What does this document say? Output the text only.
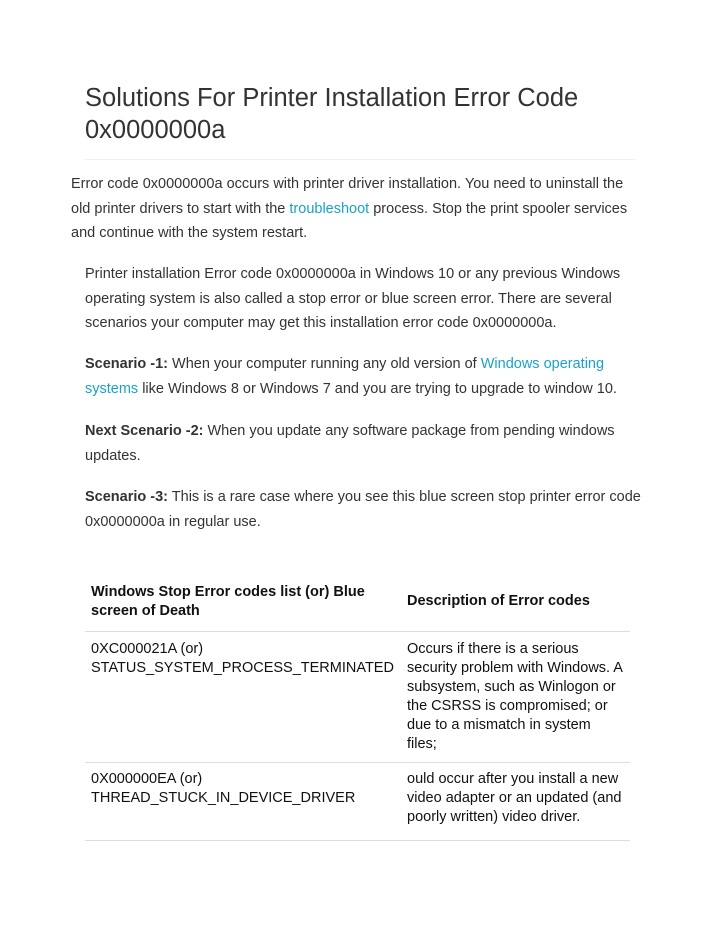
Solutions For Printer Installation Error Code 0x0000000a

Error code 0x0000000a occurs with printer driver installation. You need to uninstall the old printer drivers to start with the troubleshoot process. Stop the print spooler services and continue with the system restart.

Printer installation Error code 0x0000000a in Windows 10 or any previous Windows operating system is also called a stop error or blue screen error. There are several scenarios your computer may get this installation error code 0x0000000a.

Scenario -1: When your computer running any old version of Windows operating systems like Windows 8 or Windows 7 and you are trying to upgrade to window 10.

Next Scenario -2: When you update any software package from pending windows updates.

Scenario -3: This is a rare case where you see this blue screen stop printer error code 0x0000000a in regular use.

Windows Stop Error codes list (or) Blue screen of Death	Description of Error codes

0XC000021A (or)
STATUS_SYSTEM_PROCESS_TERMINATED	Occurs if there is a serious security problem with Windows. A subsystem, such as Winlogon or the CSRSS is compromised; or due to a mismatch in system files;

0X000000EA (or)
THREAD_STUCK_IN_DEVICE_DRIVER	ould occur after you install a new video adapter or an updated (and poorly written) video driver.
